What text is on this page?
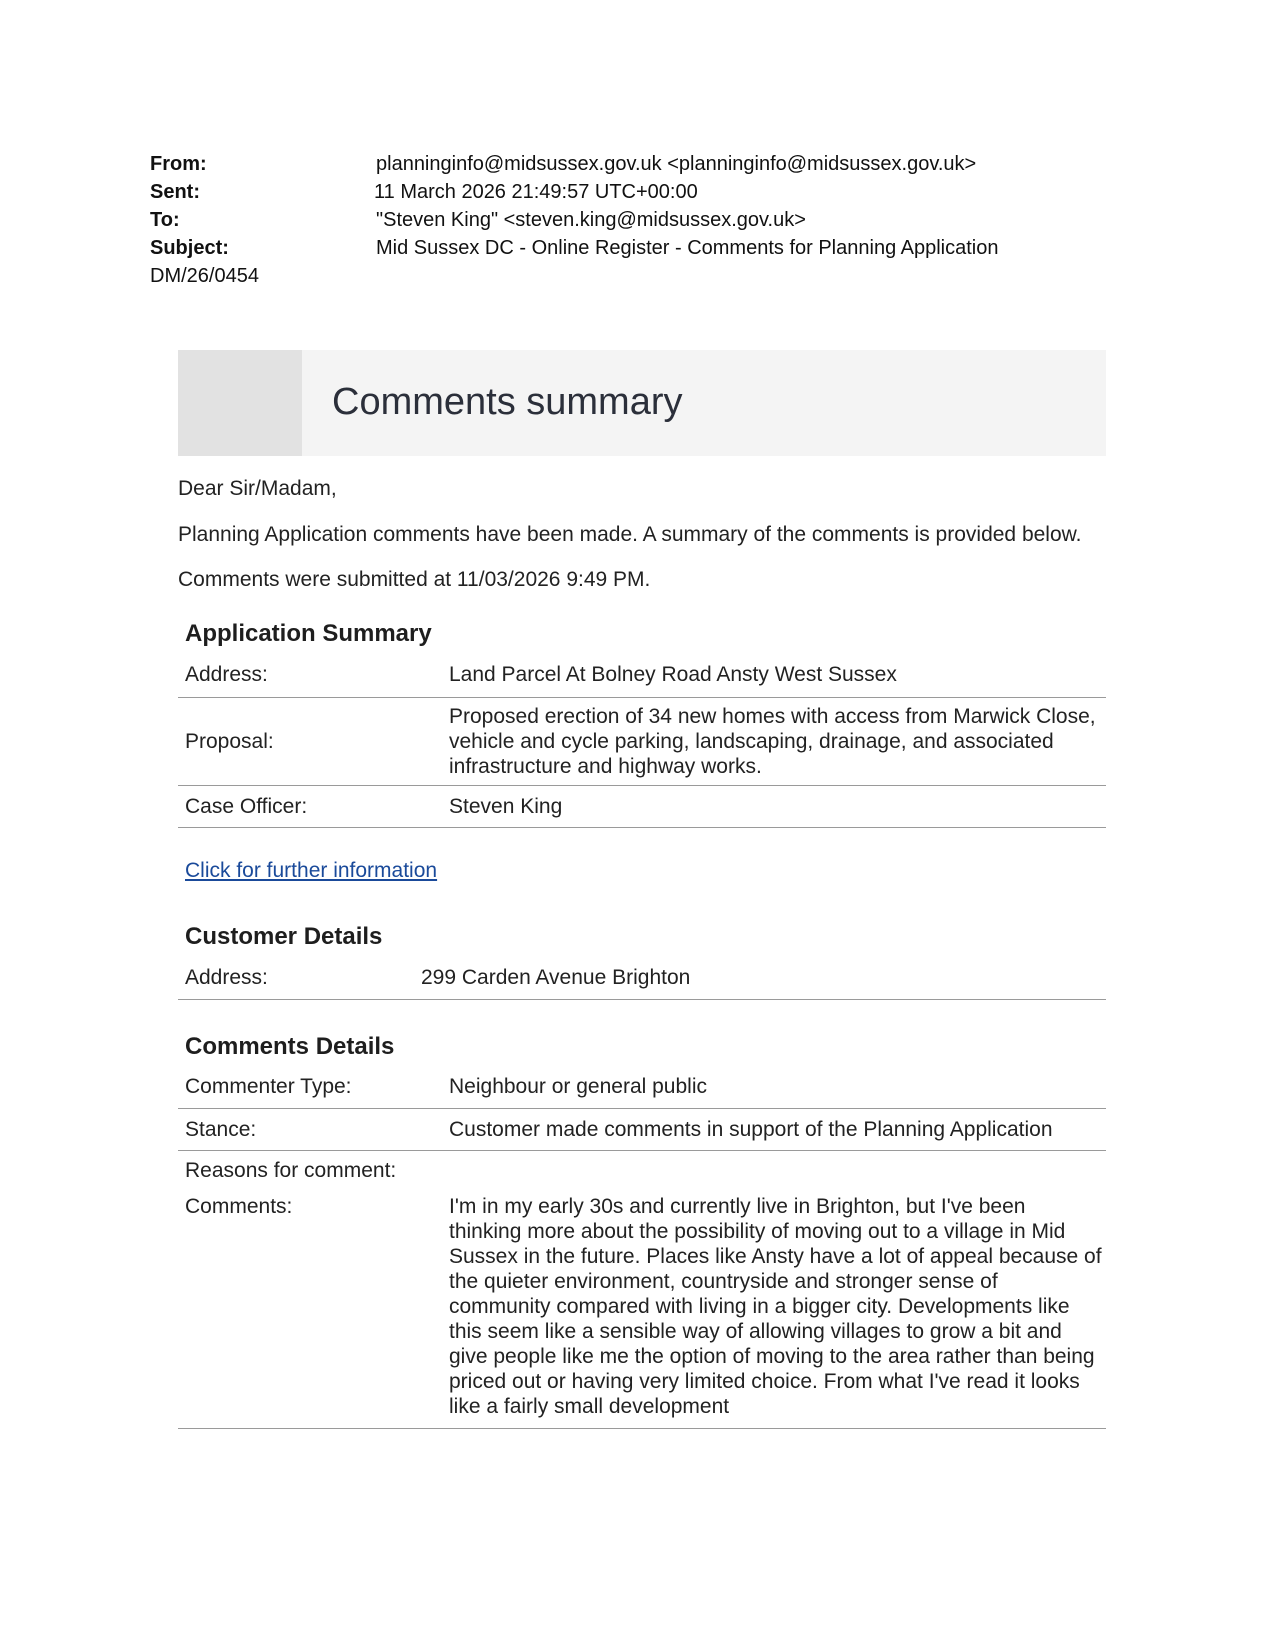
From:	planninginfo@midsussex.gov.uk <planninginfo@midsussex.gov.uk>
Sent:	11 March 2026 21:49:57 UTC+00:00
To:	"Steven King" <steven.king@midsussex.gov.uk>
Subject:	Mid Sussex DC - Online Register - Comments for Planning Application
DM/26/0454
Comments summary

Dear Sir/Madam,

Planning Application comments have been made. A summary of the comments is provided below.

Comments were submitted at 11/03/2026 9:49 PM.

Application Summary
Address:	Land Parcel At Bolney Road Ansty West Sussex
Proposal:	Proposed erection of 34 new homes with access from Marwick Close, vehicle and cycle parking, landscaping, drainage, and associated infrastructure and highway works.
Case Officer:	Steven King
Click for further information
Customer Details
Address:	299 Carden Avenue Brighton
Comments Details
Commenter Type:	Neighbour or general public
Stance:	Customer made comments in support of the Planning Application
Reasons for comment:	
Comments:	I'm in my early 30s and currently live in Brighton, but I've been thinking more about the possibility of moving out to a village in Mid Sussex in the future. Places like Ansty have a lot of appeal because of the quieter environment, countryside and stronger sense of community compared with living in a bigger city. Developments like this seem like a sensible way of allowing villages to grow a bit and give people like me the option of moving to the area rather than being priced out or having very limited choice. From what I've read it looks like a fairly small development
